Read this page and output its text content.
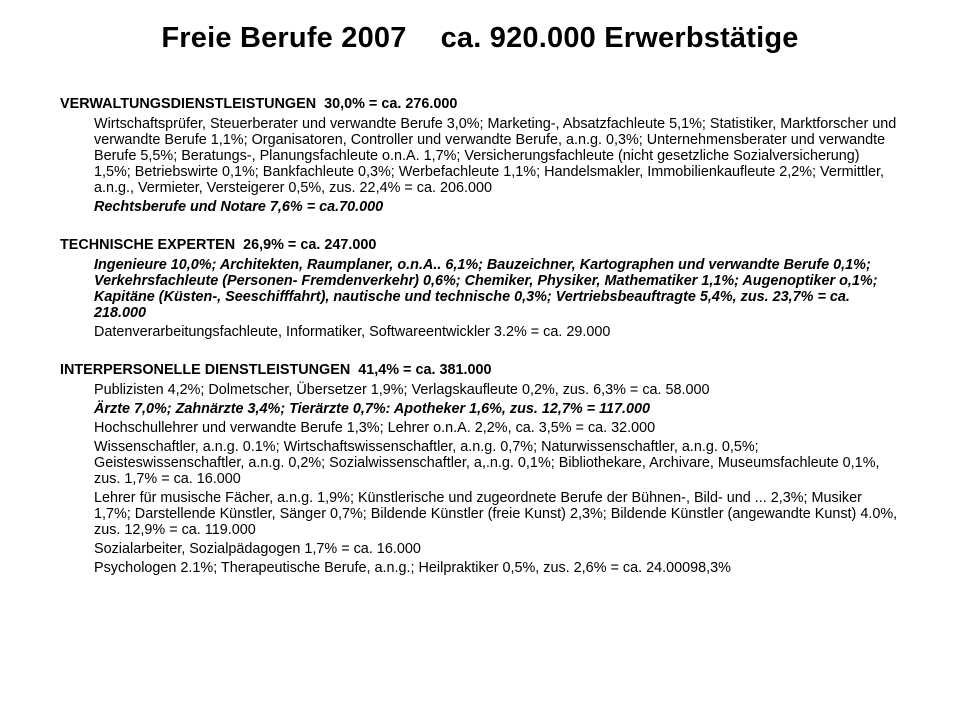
Freie Berufe 2007 ca. 920.000 Erwerbstätige
VERWALTUNGSDIENSTLEISTUNGEN 30,0% = ca. 276.000
Wirtschaftsprüfer, Steuerberater und verwandte Berufe 3,0%; Marketing-, Absatzfachleute 5,1%; Statistiker, Marktforscher und verwandte Berufe 1,1%; Organisatoren, Controller und verwandte Berufe, a.n.g. 0,3%; Unternehmensberater und verwandte Berufe 5,5%; Beratungs-, Planungsfachleute o.n.A. 1,7%; Versicherungsfachleute (nicht gesetzliche Sozialversicherung) 1,5%; Betriebswirte 0,1%; Bankfachleute 0,3%; Werbefachleute 1,1%; Handelsmakler, Immobilienkaufleute 2,2%; Vermittler, a.n.g., Vermieter, Versteigerer 0,5%, zus. 22,4% = ca. 206.000
Rechtsberufe und Notare 7,6% = ca.70.000
TECHNISCHE EXPERTEN 26,9% = ca. 247.000
Ingenieure 10,0%; Architekten, Raumplaner, o.n.A.. 6,1%; Bauzeichner, Kartographen und verwandte Berufe 0,1%; Verkehrsfachleute (Personen- Fremdenverkehr) 0,6%; Chemiker, Physiker, Mathematiker 1,1%; Augenoptiker o,1%; Kapitäne (Küsten-, Seeschifffahrt), nautische und technische 0,3%; Vertriebsbeauftragte 5,4%, zus. 23,7% = ca. 218.000
Datenverarbeitungsfachleute, Informatiker, Softwareentwickler 3.2% = ca. 29.000
INTERPERSONELLE DIENSTLEISTUNGEN 41,4% = ca. 381.000
Publizisten 4,2%; Dolmetscher, Übersetzer 1,9%; Verlagskaufleute 0,2%, zus. 6,3% = ca. 58.000
Ärzte 7,0%; Zahnärzte 3,4%; Tierärzte 0,7%: Apotheker 1,6%, zus. 12,7% = 117.000
Hochschullehrer und verwandte Berufe 1,3%; Lehrer o.n.A. 2,2%, ca. 3,5% = ca. 32.000
Wissenschaftler, a.n.g. 0.1%; Wirtschaftswissenschaftler, a.n.g. 0,7%; Naturwissenschaftler, a.n.g. 0,5%; Geisteswissenschaftler, a.n.g. 0,2%; Sozialwissenschaftler, a,.n.g. 0,1%; Bibliothekare, Archivare, Museumsfachleute 0,1%, zus. 1,7% = ca. 16.000
Lehrer für musische Fächer, a.n.g. 1,9%; Künstlerische und zugeordnete Berufe der Bühnen-, Bild- und ... 2,3%; Musiker 1,7%; Darstellende Künstler, Sänger 0,7%; Bildende Künstler (freie Kunst) 2,3%; Bildende Künstler (angewandte Kunst) 4.0%, zus. 12,9% = ca. 119.000
Sozialarbeiter, Sozialpädagogen 1,7% = ca. 16.000
Psychologen 2.1%; Therapeutische Berufe, a.n.g.; Heilpraktiker 0,5%, zus. 2,6% = ca. 24.00098,3%
